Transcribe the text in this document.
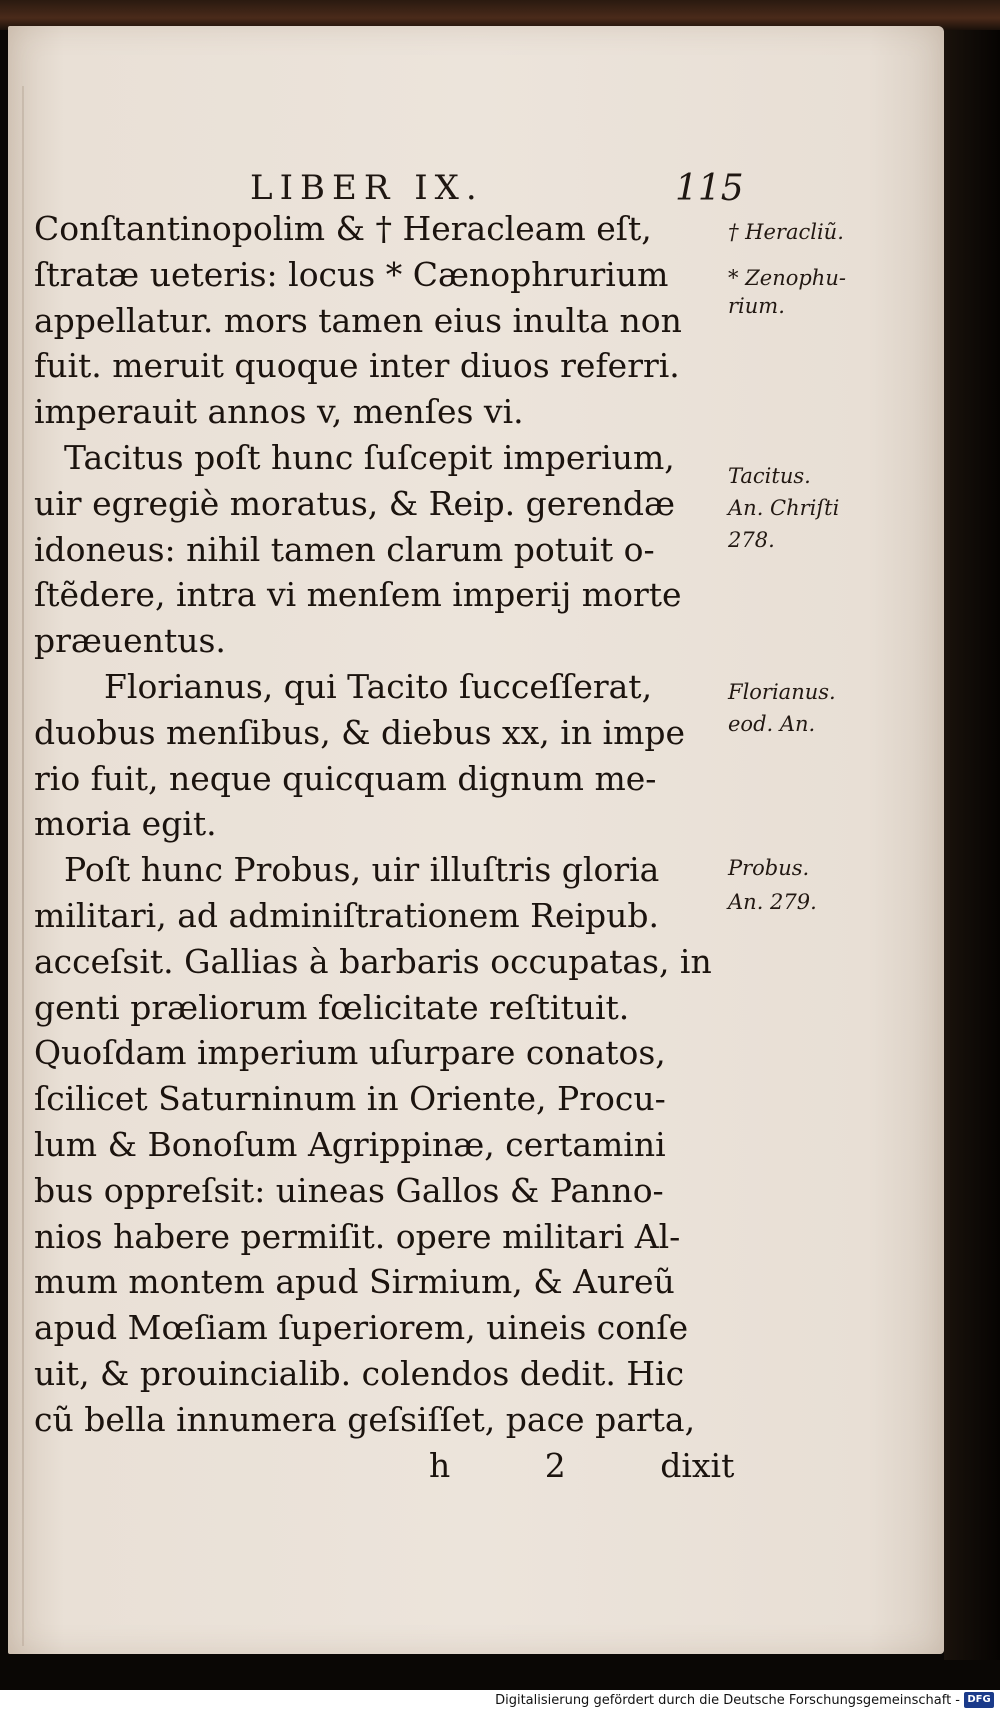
LIBER IX.	115
Conſtantinopolim & † Heracleam eſt,
ſtratæ ueteris: locus * Cænophrurium
appellatur. mors tamen eius inulta non
fuit. meruit quoque inter diuos referri.
imperauit annos v, menſes vi.
Tacitus poſt hunc ſuſcepit imperium,
uir egregiè moratus, & Reip. gerendæ
idoneus: nihil tamen clarum potuit o-
ſtẽdere, intra vi menſem imperij morte
præuentus.
Florianus, qui Tacito ſucceſſerat,
duobus menſibus, & diebus xx, in impe
rio fuit, neque quicquam dignum me-
moria egit.
Poſt hunc Probus, uir illuſtris gloria
militari, ad adminiſtrationem Reipub.
acceſsit. Gallias à barbaris occupatas, in
genti præliorum fœlicitate reſtituit.
Quoſdam imperium uſurpare conatos,
ſcilicet Saturninum in Oriente, Procu-
lum & Bonoſum Agrippinæ, certamini
bus oppreſsit: uineas Gallos & Panno-
nios habere permiſit. opere militari Al-
mum montem apud Sirmium, & Aureũ
apud Mœſiam ſuperiorem, uineis conſe
uit, & prouincialib. colendos dedit. Hic
cũ bella innumera geſsiſſet, pace parta,
h 2	dixit
† Heracliũ.
* Zenophu-
rium.
Tacitus.
An. Chriſti
278.
Florianus.
eod. An.
Probus.
An. 279.
Digitalisierung gefördert durch die Deutsche Forschungsgemeinschaft - DFG
